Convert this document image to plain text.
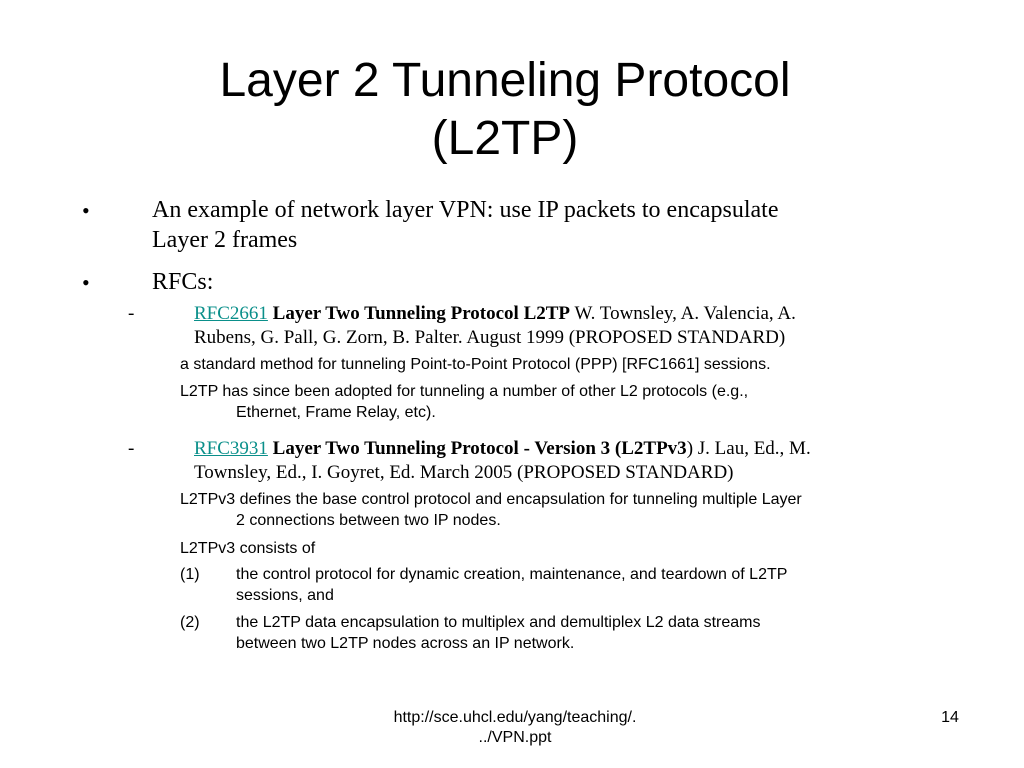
Layer 2 Tunneling Protocol
(L2TP)
•	An example of network layer VPN: use IP packets to encapsulate
Layer 2 frames
•	RFCs:
-	RFC2661 Layer Two Tunneling Protocol L2TP W. Townsley, A. Valencia, A.
Rubens, G. Pall, G. Zorn, B. Palter. August 1999 (PROPOSED STANDARD)
a standard method for tunneling Point-to-Point Protocol (PPP) [RFC1661] sessions.
L2TP has since been adopted for tunneling a number of other L2 protocols (e.g.,
Ethernet, Frame Relay, etc).
-	RFC3931 Layer Two Tunneling Protocol - Version 3 (L2TPv3) J. Lau, Ed., M.
Townsley, Ed., I. Goyret, Ed. March 2005 (PROPOSED STANDARD)
L2TPv3 defines the base control protocol and encapsulation for tunneling multiple Layer
2 connections between two IP nodes.
L2TPv3 consists of
(1) the control protocol for dynamic creation, maintenance, and teardown of L2TP
sessions, and
(2) the L2TP data encapsulation to multiplex and demultiplex L2 data streams
between two L2TP nodes across an IP network.
http://sce.uhcl.edu/yang/teaching/.
../VPN.ppt
14
